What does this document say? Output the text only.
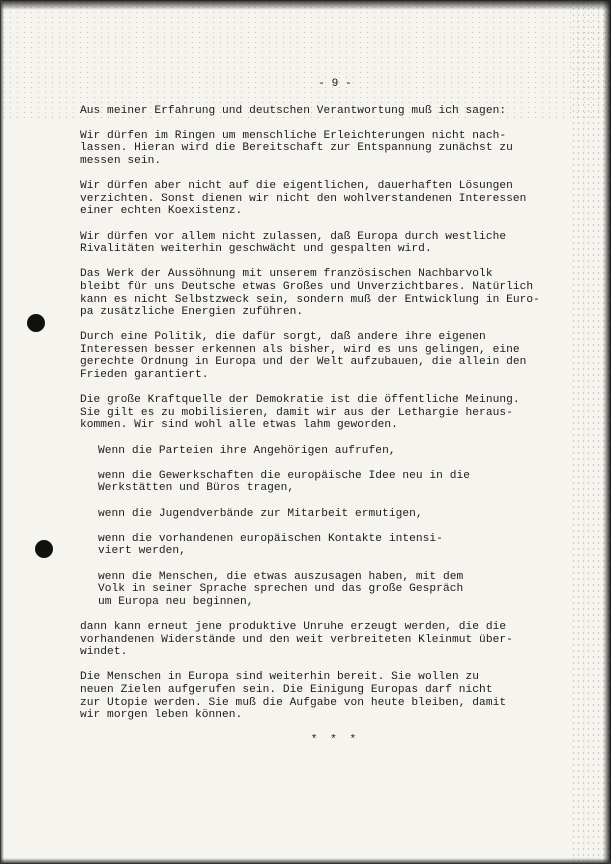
- 9 -
Aus meiner Erfahrung und deutschen Verantwortung muß ich sagen:
Wir dürfen im Ringen um menschliche Erleichterungen nicht nach-
lassen. Hieran wird die Bereitschaft zur Entspannung zunächst zu
messen sein.
Wir dürfen aber nicht auf die eigentlichen, dauerhaften Lösungen
verzichten. Sonst dienen wir nicht den wohlverstandenen Interessen
einer echten Koexistenz.
Wir dürfen vor allem nicht zulassen, daß Europa durch westliche
Rivalitäten weiterhin geschwächt und gespalten wird.
Das Werk der Aussöhnung mit unserem französischen Nachbarvolk
bleibt für uns Deutsche etwas Großes und Unverzichtbares. Natürlich
kann es nicht Selbstzweck sein, sondern muß der Entwicklung in Euro-
pa zusätzliche Energien zuführen.
Durch eine Politik, die dafür sorgt, daß andere ihre eigenen
Interessen besser erkennen als bisher, wird es uns gelingen, eine
gerechte Ordnung in Europa und der Welt aufzubauen, die allein den
Frieden garantiert.
Die große Kraftquelle der Demokratie ist die öffentliche Meinung.
Sie gilt es zu mobilisieren, damit wir aus der Lethargie heraus-
kommen. Wir sind wohl alle etwas lahm geworden.
Wenn die Parteien ihre Angehörigen aufrufen,
wenn die Gewerkschaften die europäische Idee neu in die
Werkstätten und Büros tragen,
wenn die Jugendverbände zur Mitarbeit ermutigen,
wenn die vorhandenen europäischen Kontakte intensi-
viert werden,
wenn die Menschen, die etwas auszusagen haben, mit dem
Volk in seiner Sprache sprechen und das große Gespräch
um Europa neu beginnen,
dann kann erneut jene produktive Unruhe erzeugt werden, die die
vorhandenen Widerstände und den weit verbreiteten Kleinmut über-
windet.
Die Menschen in Europa sind weiterhin bereit. Sie wollen zu
neuen Zielen aufgerufen sein. Die Einigung Europas darf nicht
zur Utopie werden. Sie muß die Aufgabe von heute bleiben, damit
wir morgen leben können.
* * *
